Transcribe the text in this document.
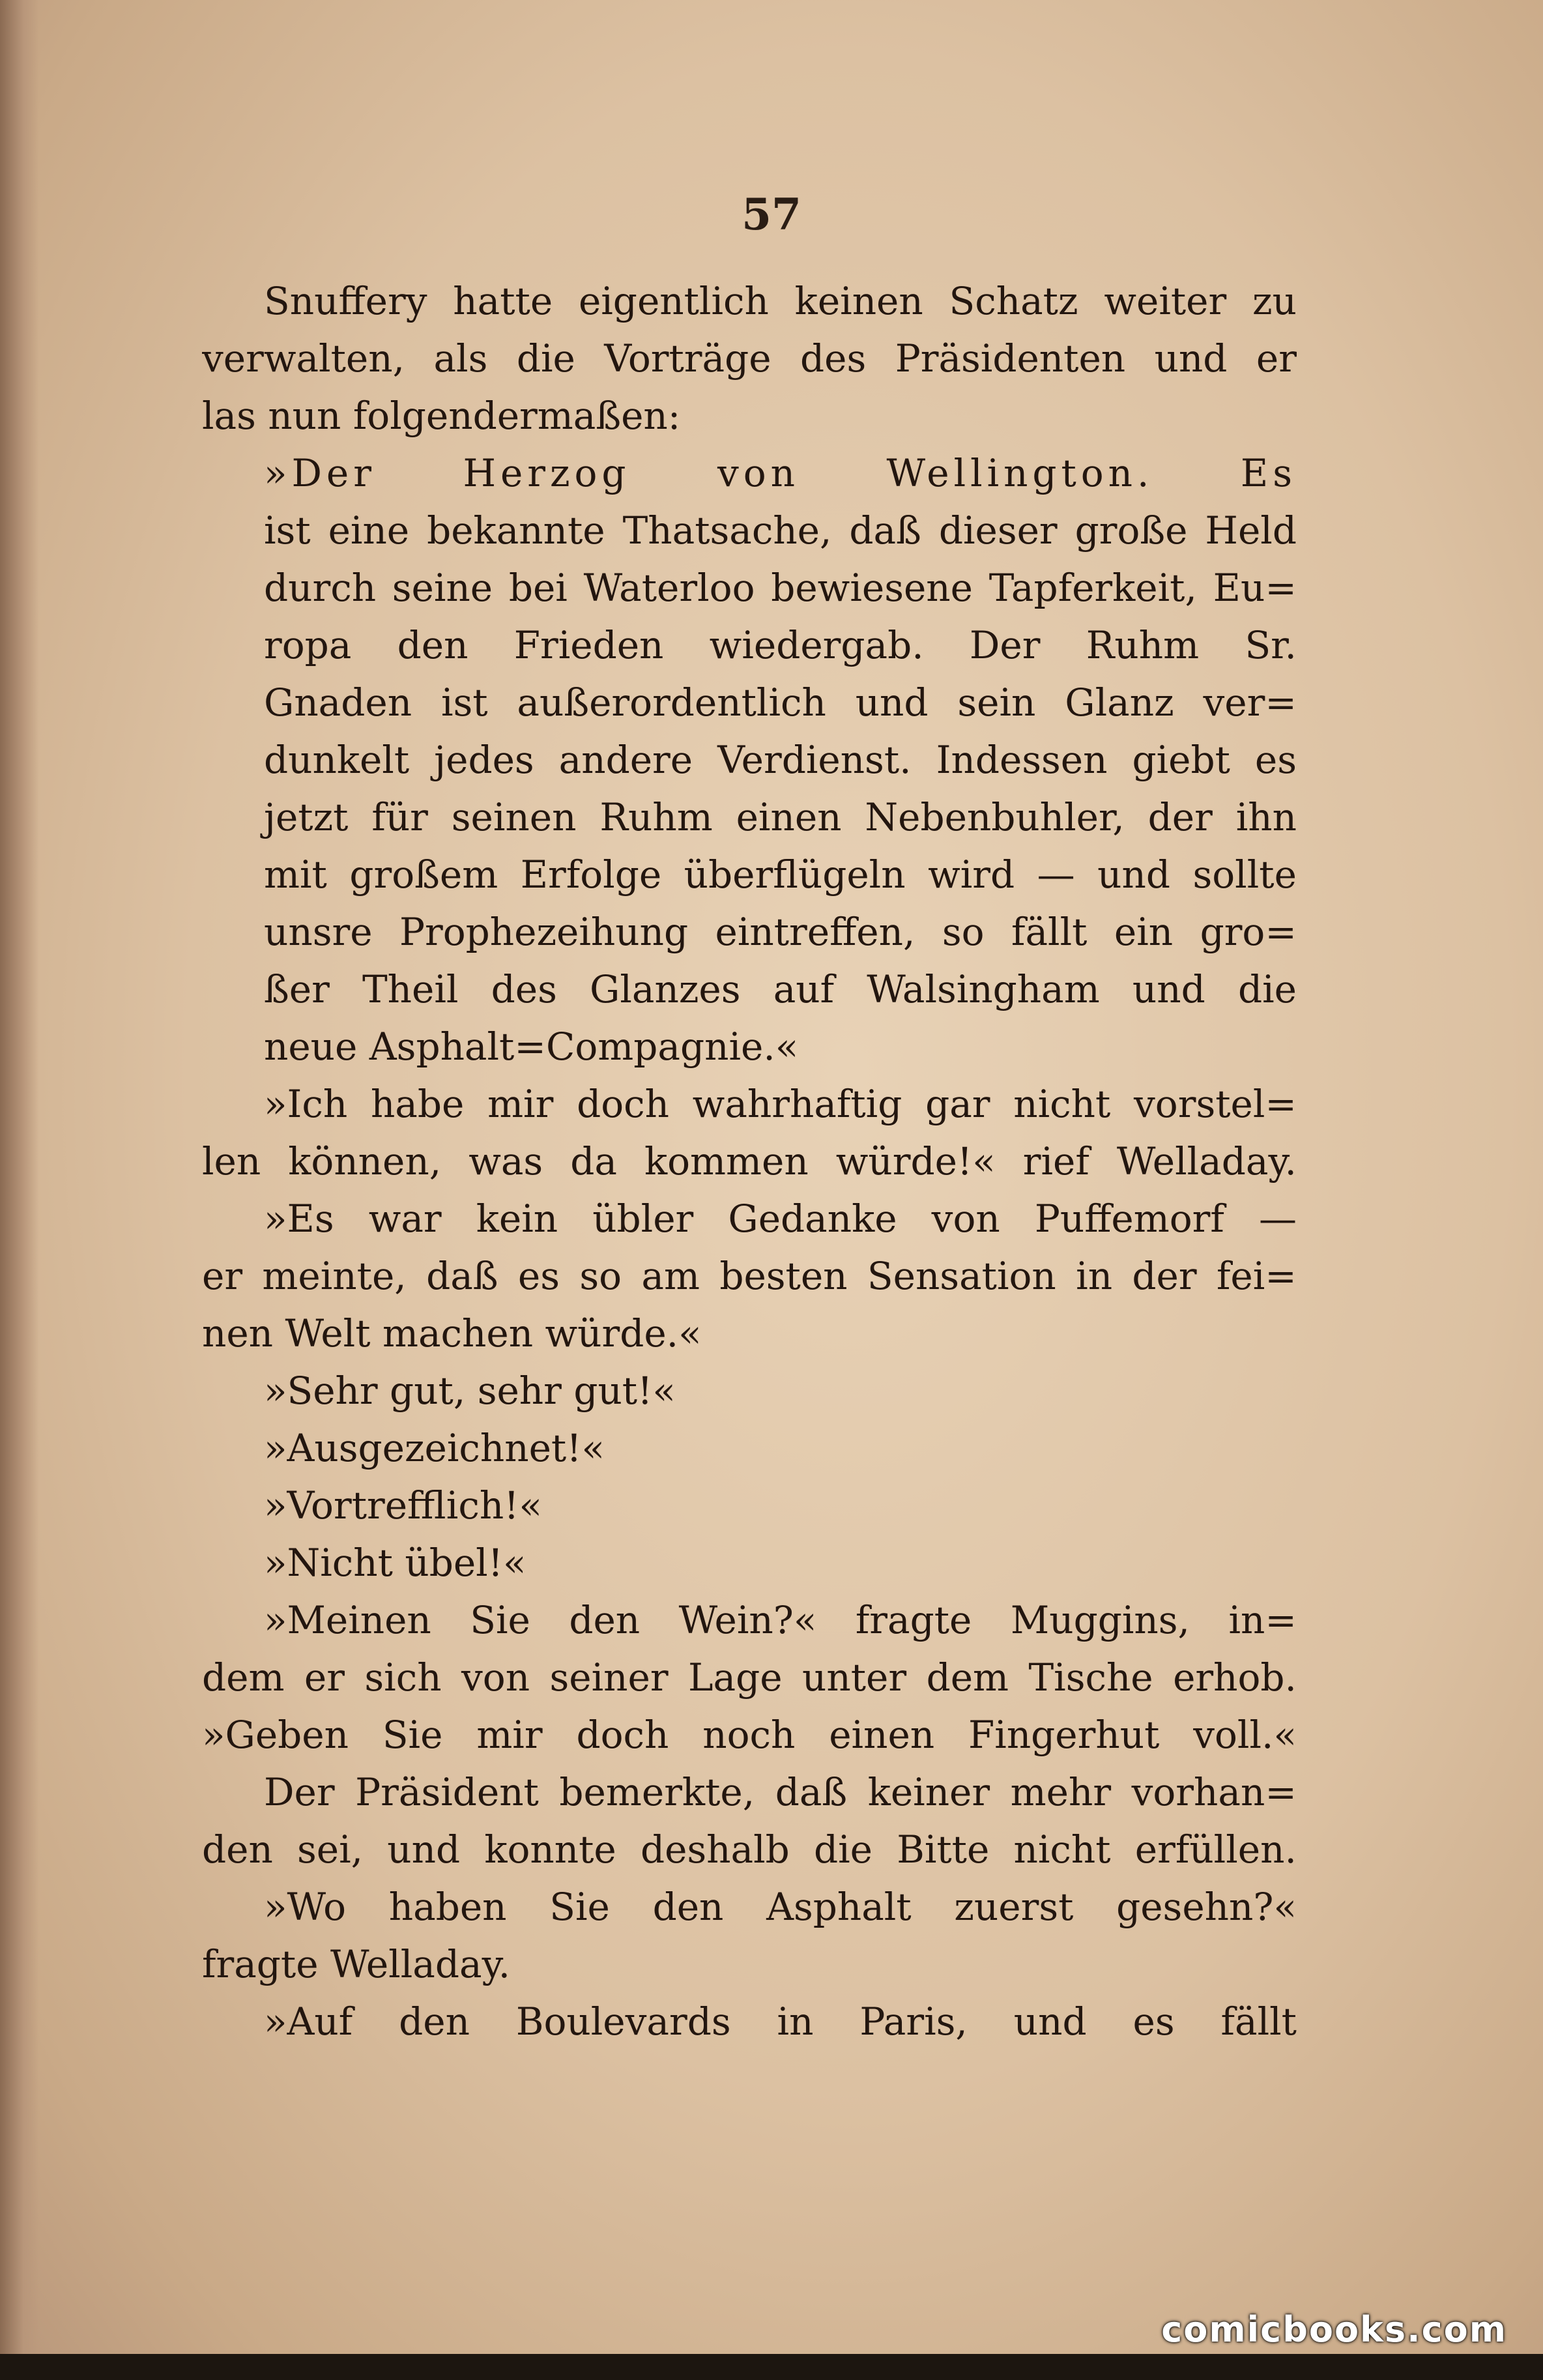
57
Snuffery hatte eigentlich keinen Schatz weiter zu
verwalten, als die Vorträge des Präsidenten und er
las nun folgendermaßen:
»Der Herzog von Wellington. Es
ist eine bekannte Thatsache, daß dieser große Held
durch seine bei Waterloo bewiesene Tapferkeit, Eu=
ropa den Frieden wiedergab. Der Ruhm Sr.
Gnaden ist außerordentlich und sein Glanz ver=
dunkelt jedes andere Verdienst. Indessen giebt es
jetzt für seinen Ruhm einen Nebenbuhler, der ihn
mit großem Erfolge überflügeln wird — und sollte
unsre Prophezeihung eintreffen, so fällt ein gro=
ßer Theil des Glanzes auf Walsingham und die
neue Asphalt=Compagnie.«
»Ich habe mir doch wahrhaftig gar nicht vorstel=
len können, was da kommen würde!« rief Welladay.
»Es war kein übler Gedanke von Puffemorf —
er meinte, daß es so am besten Sensation in der fei=
nen Welt machen würde.«
»Sehr gut, sehr gut!«
»Ausgezeichnet!«
»Vortrefflich!«
»Nicht übel!«
»Meinen Sie den Wein?« fragte Muggins, in=
dem er sich von seiner Lage unter dem Tische erhob.
»Geben Sie mir doch noch einen Fingerhut voll.«
Der Präsident bemerkte, daß keiner mehr vorhan=
den sei, und konnte deshalb die Bitte nicht erfüllen.
»Wo haben Sie den Asphalt zuerst gesehn?«
fragte Welladay.
»Auf den Boulevards in Paris, und es fällt
comicbooks.com
